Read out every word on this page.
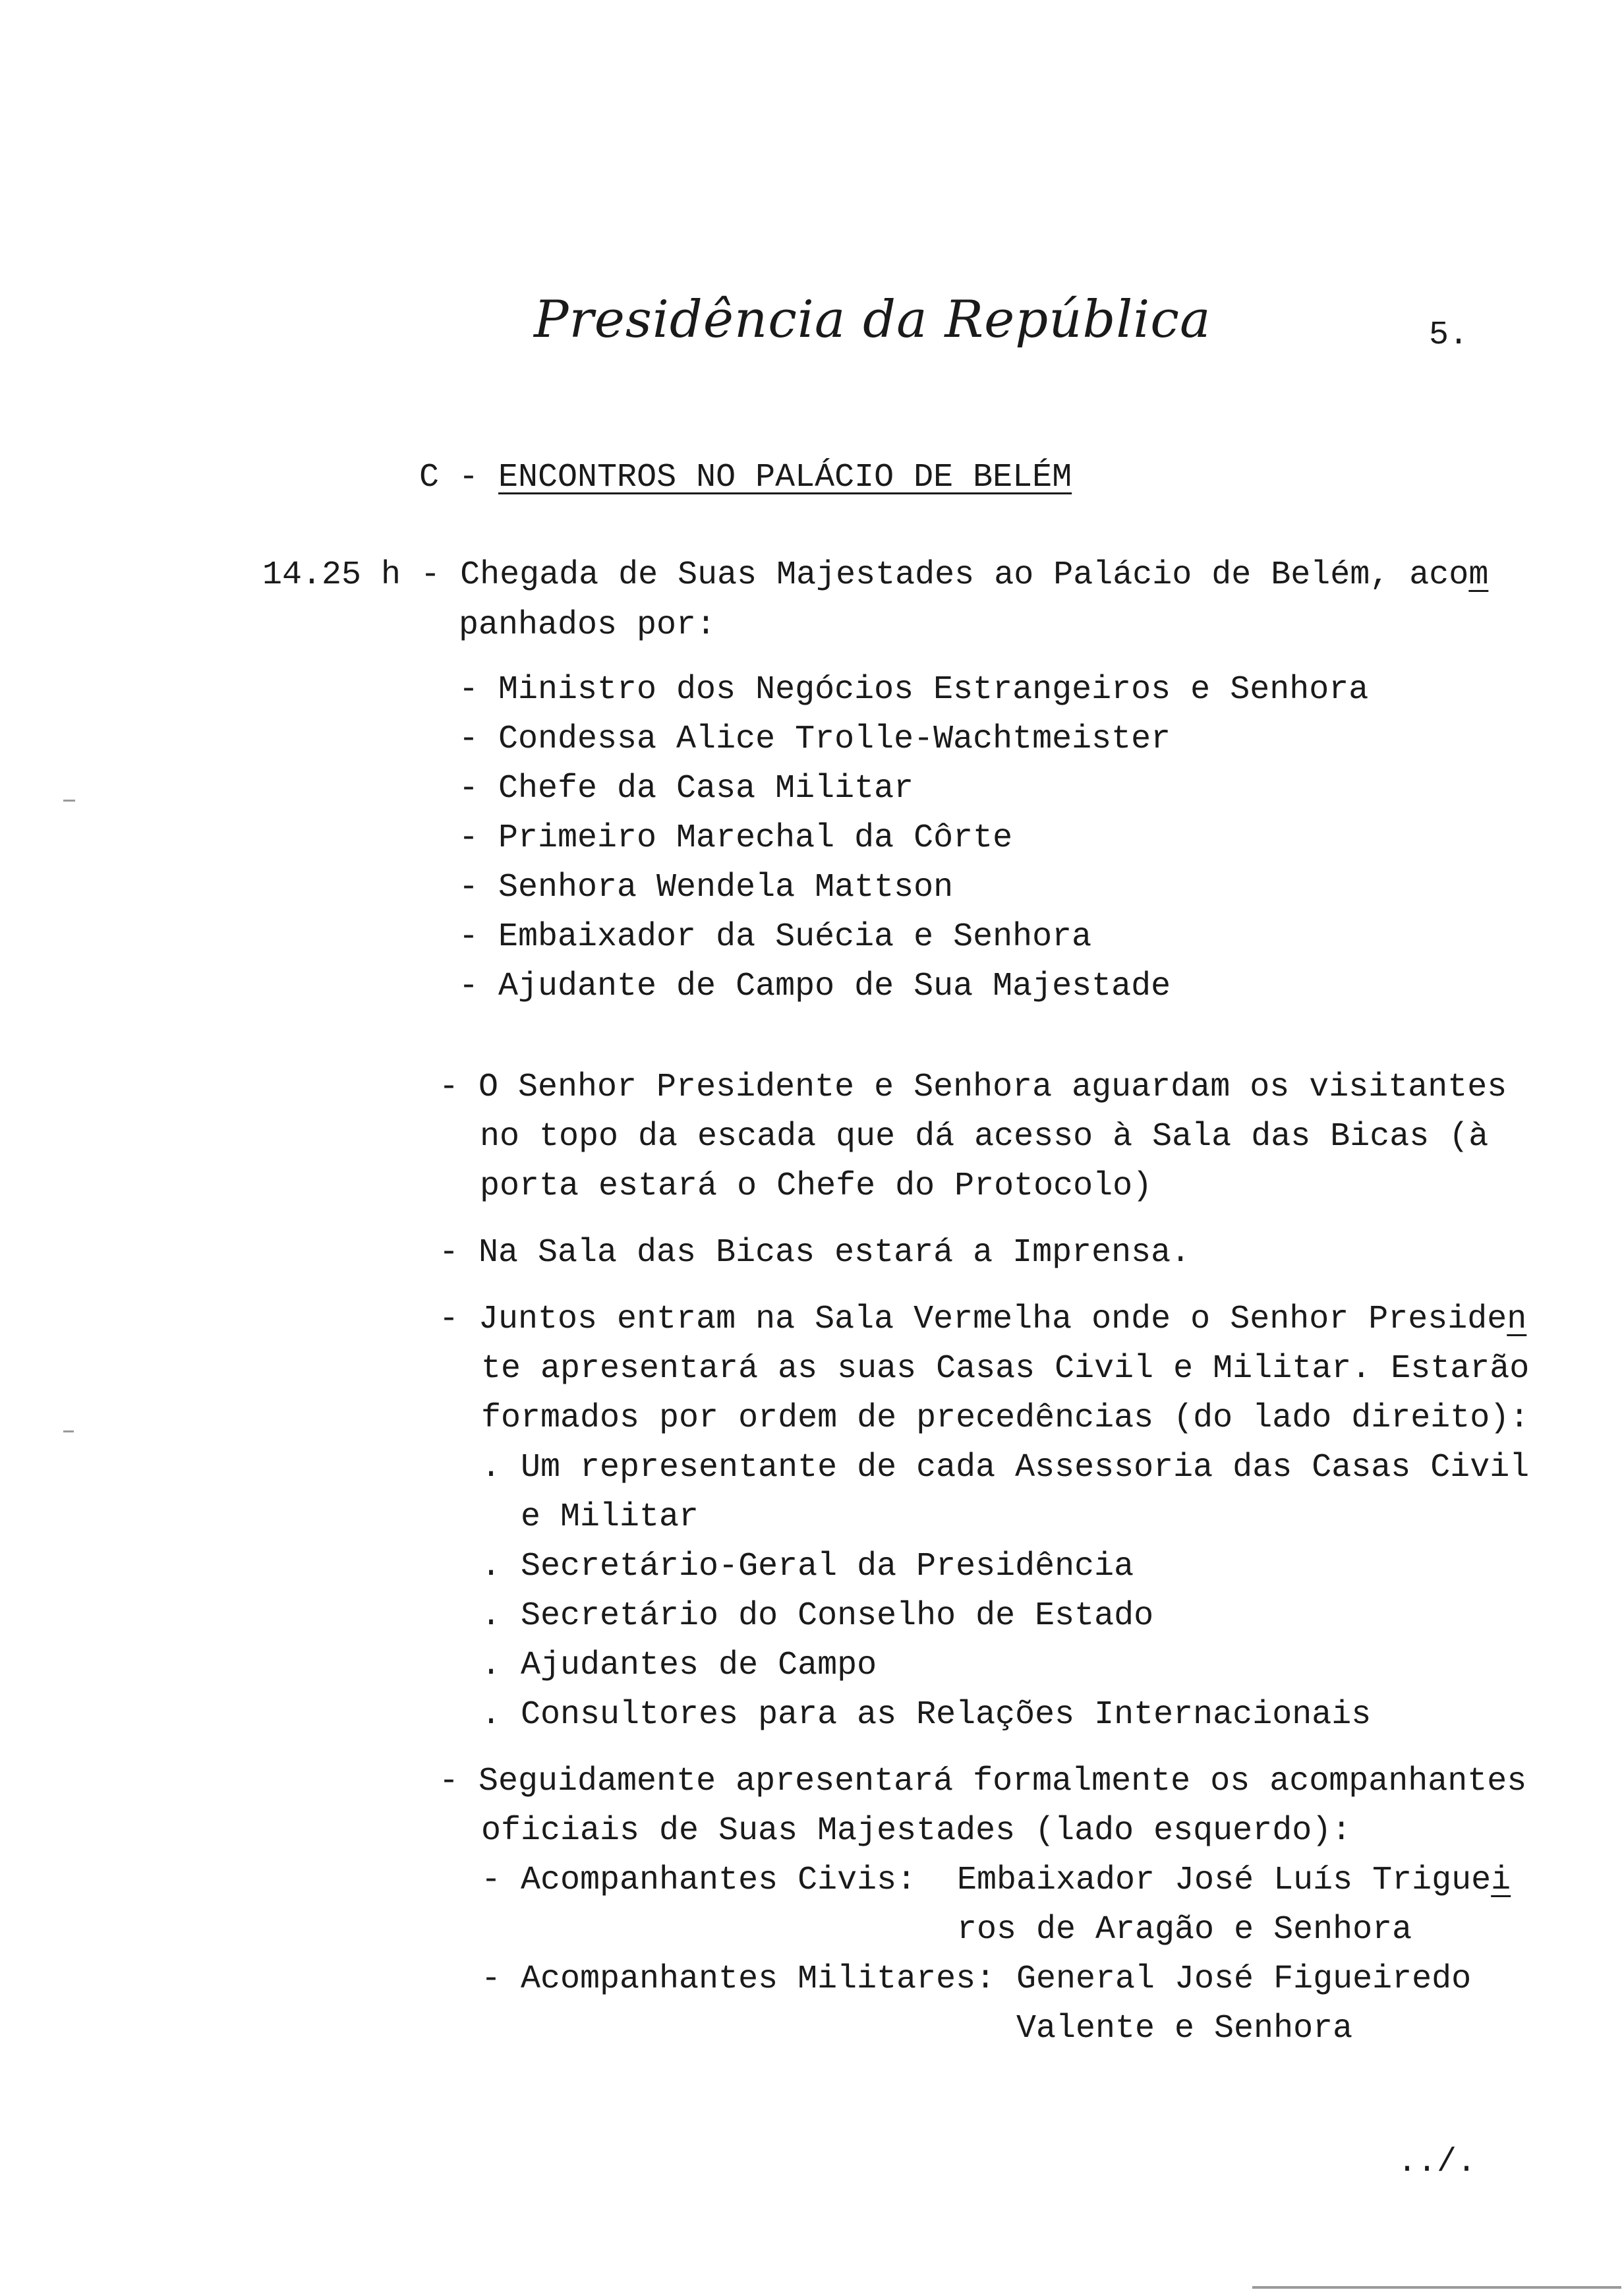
Presidência da República	5.
C - ENCONTROS NO PALÁCIO DE BELÉM
14.25 h - Chegada de Suas Majestades ao Palácio de Belém, acom
panhados por:
- Ministro dos Negócios Estrangeiros e Senhora
- Condessa Alice Trolle-Wachtmeister
- Chefe da Casa Militar
- Primeiro Marechal da Côrte
- Senhora Wendela Mattson
- Embaixador da Suécia e Senhora
- Ajudante de Campo de Sua Majestade
- O Senhor Presidente e Senhora aguardam os visitantes
no topo da escada que dá acesso à Sala das Bicas (à
porta estará o Chefe do Protocolo)
- Na Sala das Bicas estará a Imprensa.
- Juntos entram na Sala Vermelha onde o Senhor Presiden
te apresentará as suas Casas Civil e Militar. Estarão
formados por ordem de precedências (do lado direito):
. Um representante de cada Assessoria das Casas Civil
e Militar
. Secretário-Geral da Presidência
. Secretário do Conselho de Estado
. Ajudantes de Campo
. Consultores para as Relações Internacionais
- Seguidamente apresentará formalmente os acompanhantes
oficiais de Suas Majestades (lado esquerdo):
- Acompanhantes Civis: Embaixador José Luís Triguei
ros de Aragão e Senhora
- Acompanhantes Militares: General José Figueiredo
Valente e Senhora
../.
